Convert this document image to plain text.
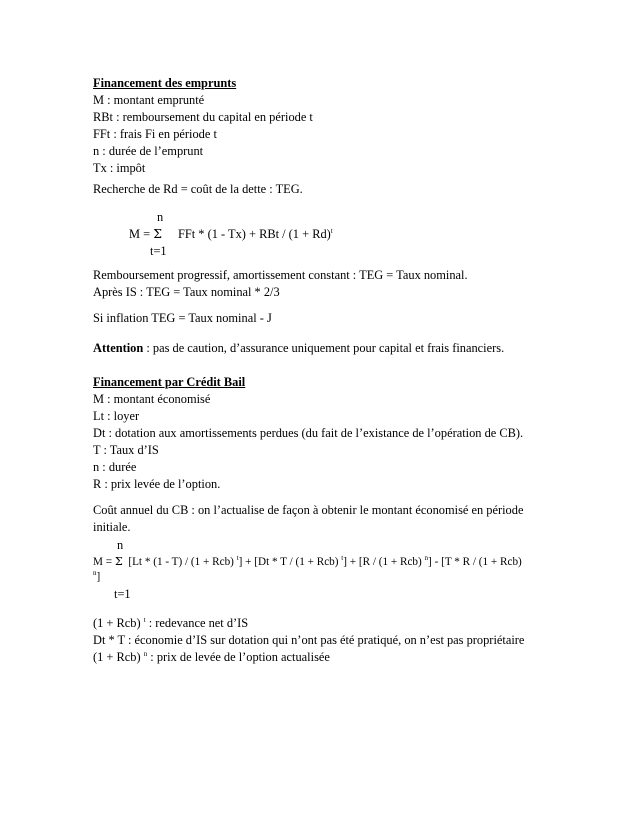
Financement des emprunts
M : montant emprunté
RBt : remboursement du capital en période t
FFt : frais Fi en période t
n : durée de l’emprunt
Tx : impôt
Recherche de Rd = coût de la dette : TEG.
n
M = Σ FFt * (1 - Tx) + RBt / $(1 + Rd)^t$
t=1
Remboursement progressif, amortissement constant : TEG = Taux nominal.
Après IS : TEG = Taux nominal * 2/3
Si inflation TEG = Taux nominal - J
Attention : pas de caution, d’assurance uniquement pour capital et frais financiers.
Financement par Crédit Bail
M : montant économisé
Lt : loyer
Dt : dotation aux amortissements perdues (du fait de l’existance de l’opération de CB).
T : Taux d’IS
n : durée
R : prix levée de l’option.
Coût annuel du CB : on l’actualise de façon à obtenir le montant économisé en période
initiale.
n
M = Σ  [Lt * (1 - T) / (1 + Rcb) $^t$] + [Dt * T / (1 + Rcb) $^t$] + [R / (1 + Rcb) $^n$] - [T * R / (1 + Rcb)
$^n$]
t=1
(1 + Rcb) $^t$ : redevance net d’IS
Dt * T : économie d’IS sur dotation qui n’ont pas été pratiqué, on n’est pas propriétaire
(1 + Rcb) $^n$ : prix de levée de l’option actualisée
